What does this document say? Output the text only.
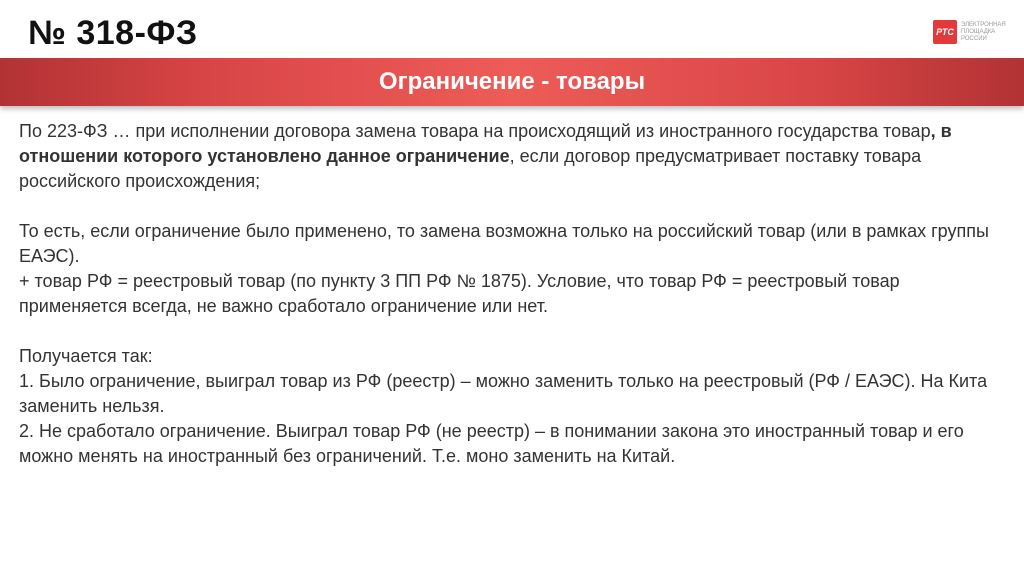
№ 318-ФЗ	РТС
ЭЛЕКТРОННАЯ ПЛОЩАДКА РОССИИ
Ограничение - товары

По 223-ФЗ … при исполнении договора замена товара на происходящий из иностранного государства товар, в отношении которого установлено данное ограничение, если договор предусматривает поставку товара российского происхождения;

То есть, если ограничение было применено, то замена возможна только на российский товар (или в рамках группы ЕАЭС).

+ товар РФ = реестровый товар (по пункту 3 ПП РФ № 1875). Условие, что товар РФ = реестровый товар применяется всегда, не важно сработало ограничение или нет.

Получается так:

1. Было ограничение, выиграл товар из РФ (реестр) – можно заменить только на реестровый (РФ / ЕАЭС). На Кита заменить нельзя.

2. Не сработало ограничение. Выиграл товар РФ (не реестр) – в понимании закона это иностранный товар и его можно менять на иностранный без ограничений. Т.е. моно заменить на Китай.
